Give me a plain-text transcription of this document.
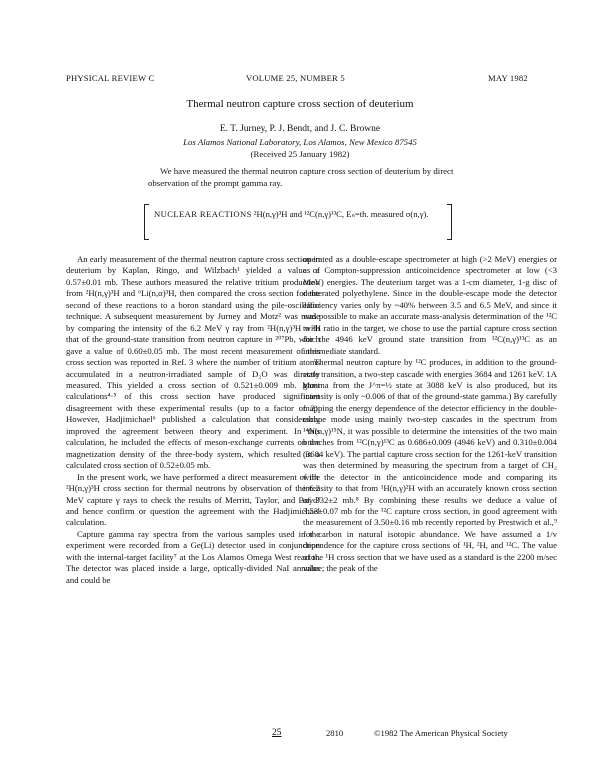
PHYSICAL REVIEW C	VOLUME 25, NUMBER 5	MAY 1982
Thermal neutron capture cross section of deuterium
E. T. Jurney, P. J. Bendt, and J. C. Browne
Los Alamos National Laboratory, Los Alamos, New Mexico 87545
(Received 25 January 1982)
We have measured the thermal neutron capture cross section of deuterium by direct observation of the prompt gamma ray.
NUCLEAR REACTIONS ²H(n,γ)³H and ¹²C(n,γ)¹³C, Eₙ=th. measured σ(n,γ).

An early measurement of the thermal neutron capture cross section in deuterium by Kaplan, Ringo, and Wilzbach¹ yielded a value of 0.57±0.01 mb. These authors measured the relative tritium production from ²H(n,γ)³H and ⁶Li(n,α)³H, then compared the cross section for the second of these reactions to a boron standard using the pile-oscillator technique. A subsequent measurement by Jurney and Motz² was made by comparing the intensity of the 6.2 MeV γ ray from ²H(n,γ)³H with that of the ground-state transition from neutron capture in ²⁰⁷Pb, which gave a value of 0.60±0.05 mb. The most recent measurement of this cross section was reported in Ref. 3 where the number of tritium atoms accumulated in a neutron-irradiated sample of D₂O was directly measured. This yielded a cross section of 0.521±0.009 mb. Most calculations⁴·⁵ of this cross section have produced significant disagreement with these experimental results (up to a factor of 2). However, Hadjimichael⁶ published a calculation that considerably improved the agreement between theory and experiment. In this calculation, he included the effects of meson-exchange currents on the magnetization density of the three-body system, which resulted in a calculated cross section of 0.52±0.05 mb.

In the present work, we have performed a direct measurement of the ²H(n,γ)³H cross section for thermal neutrons by observation of the 6.2 MeV capture γ rays to check the results of Merritt, Taylor, and Boyd³ and hence confirm or question the agreement with the Hadjimichael calculation.

Capture gamma ray spectra from the various samples used in the experiment were recorded from a Ge(Li) detector used in conjunction with the internal-target facility⁷ at the Los Alamos Omega West reactor. The detector was placed inside a large, optically-divided NaI annulus and could be

operated as a double-escape spectrometer at high (>2 MeV) energies or as a Compton-suppression anticoincidence spectrometer at low (<3 MeV) energies. The deuterium target was a 1-cm diameter, 1-g disc of deuterated polyethylene. Since in the double-escape mode the detector efficiency varies only by ~40% between 3.5 and 6.5 MeV, and since it was possible to make an accurate mass-analysis determination of the ¹²C to ²H ratio in the target, we chose to use the partial capture cross section for the 4946 keV ground state transition from ¹²C(n,γ)¹³C as an intermediate standard.

Thermal neutron capture by ¹²C produces, in addition to the ground-state transition, a two-step cascade with energies 3684 and 1261 keV. 1A gamma from the J^π=½ state at 3088 keV is also produced, but its intensity is only ~0.006 of that of the ground-state gamma.) By carefully mapping the energy dependence of the detector efficiency in the double-escape mode using mainly two-step cascades in the spectrum from ¹⁴N(n,γ)¹⁵N, it was possible to determine the intensities of the two main branches from ¹²C(n,γ)¹³C as 0.686±0.009 (4946 keV) and 0.310±0.004 (3684 keV). The partial capture cross section for the 1261-keV transition was then determined by measuring the spectrum from a target of CH₂ with the detector in the anticoincidence mode and comparing its intensity to that from ¹H(n,γ)²H with an accurately known cross section of 332±2 mb.⁸ By combining these results we deduce a value of 3.53±0.07 mb for the ¹²C capture cross section, in good agreement with the measurement of 3.50±0.16 mb recently reported by Prestwich et al.,⁹ for carbon in natural isotopic abundance. We have assumed a 1/v dependence for the capture cross sections of ¹H, ²H, and ¹²C. The value of the ¹H cross section that we have used as a standard is the 2200 m/sec value; the peak of the

25	2810	©1982 The American Physical Society
